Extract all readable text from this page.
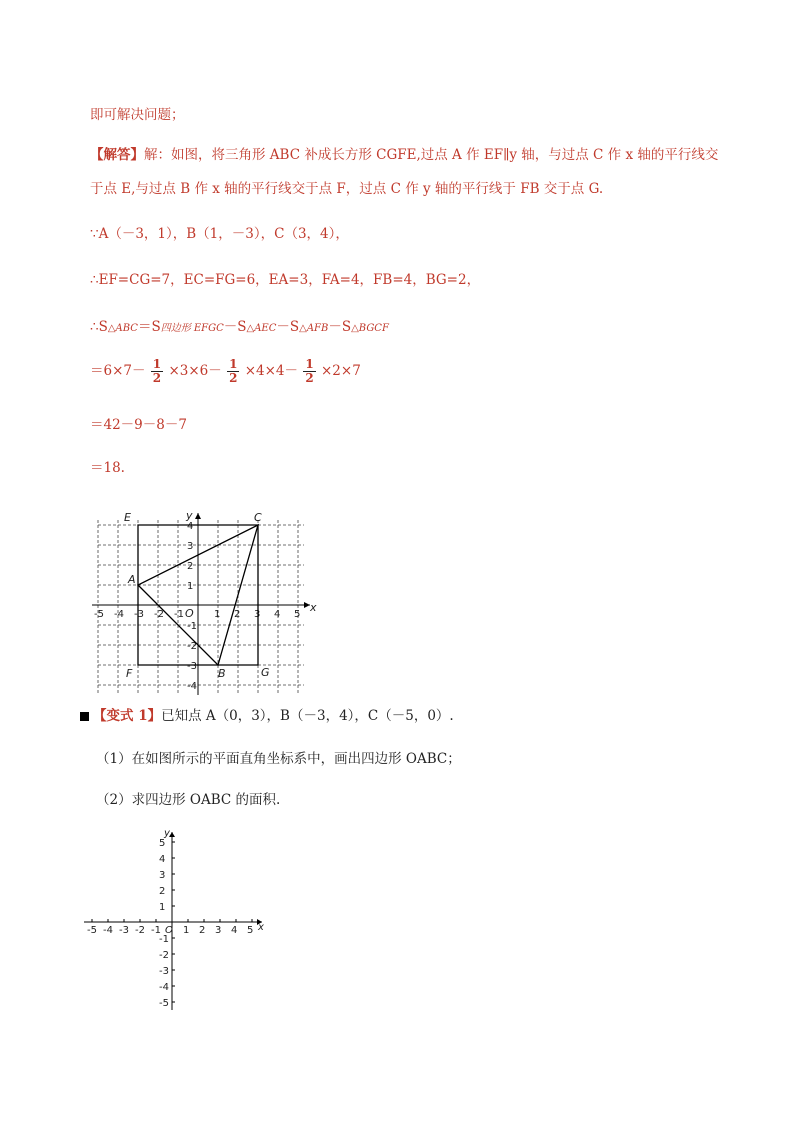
即可解决问题；
【解答】解：如图，将三角形 ABC 补成长方形 CGFE,过点 A 作 EF∥y 轴，与过点 C 作 x 轴的平行线交
于点 E,与过点 B 作 x 轴的平行线交于点 F，过点 C 作 y 轴的平行线于 FB 交于点 G.
∵A（－3，1），B（1，－3），C（3，4），
∴EF=CG=7，EC=FG=6，EA=3，FA=4，FB=4，BG=2，
∴S△ABC＝S四边形 EFGC－S△AEC－S△AFB－S△BGCF
$=6\times 7- \frac{1}{2} \times 3\times 6- \frac{1}{2} \times 4\times 4- \frac{1}{2} \times 2\times 7$
＝42－9－8－7
＝18.
x
y
-5 -4 -3 -2 -1	1 2 3 4 5
4
3
2
1
-1
-2
-3
-4
O
E	C
A
F	B	G
【变式 1】已知点 A（0，3），B（－3，4），C（－5，0）.
（1）在如图所示的平面直角坐标系中，画出四边形 OABC；
（2）求四边形 OABC 的面积.
x
y
-5 -4 -3 -2 -1 1 2 3 4 5
5
4
3
2
1
-1
-2
-3
-4
-5
O
